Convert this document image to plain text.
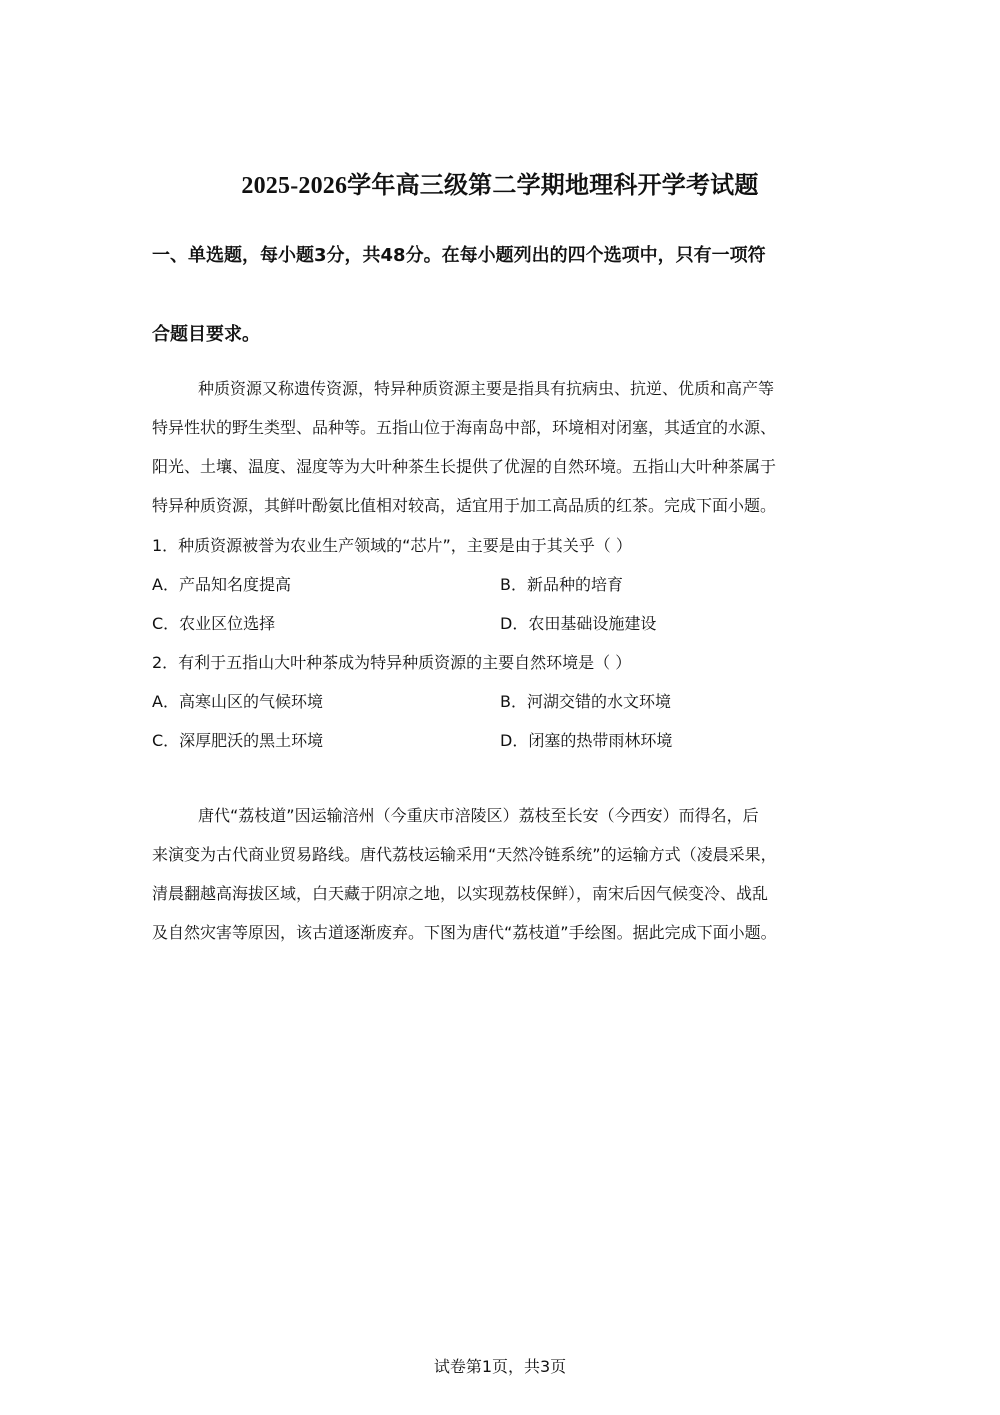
2025-2026学年高三级第二学期地理科开学考试题
一、单选题，每小题3分，共48分。在每小题列出的四个选项中，只有一项符
合题目要求。
种质资源又称遗传资源，特异种质资源主要是指具有抗病虫、抗逆、优质和高产等
特异性状的野生类型、品种等。五指山位于海南岛中部，环境相对闭塞，其适宜的水源、
阳光、土壤、温度、湿度等为大叶种茶生长提供了优渥的自然环境。五指山大叶种茶属于
特异种质资源，其鲜叶酚氨比值相对较高，适宜用于加工高品质的红茶。完成下面小题。
1．种质资源被誉为农业生产领域的“芯片”，主要是由于其关乎（ ）
A．产品知名度提高	B．新品种的培育
C．农业区位选择	D．农田基础设施建设
2．有利于五指山大叶种茶成为特异种质资源的主要自然环境是（ ）
A．高寒山区的气候环境	B．河湖交错的水文环境
C．深厚肥沃的黑土环境	D．闭塞的热带雨林环境
唐代“荔枝道”因运输涪州（今重庆市涪陵区）荔枝至长安（今西安）而得名，后
来演变为古代商业贸易路线。唐代荔枝运输采用“天然冷链系统”的运输方式（凌晨采果，
清晨翻越高海拔区域，白天藏于阴凉之地，以实现荔枝保鲜），南宋后因气候变冷、战乱
及自然灾害等原因，该古道逐渐废弃。下图为唐代“荔枝道”手绘图。据此完成下面小题。
试卷第1页，共3页
